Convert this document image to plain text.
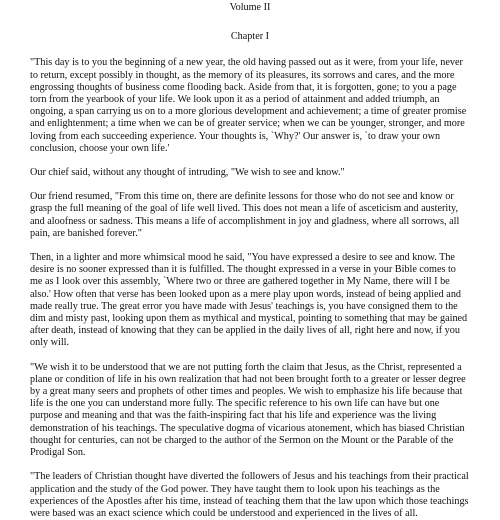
Volume II

Chapter I

"This day is to you the beginning of a new year, the old having passed out as it were, from your life, never to return, except possibly in thought, as the memory of its pleasures, its sorrows and cares, and the more engrossing thoughts of business come flooding back. Aside from that, it is forgotten, gone; to you a page torn from the yearbook of your life. We look upon it as a period of attainment and added triumph, an ongoing, a span carrying us on to a more glorious development and achievement; a time of greater promise and enlightenment; a time when we can be of greater service; when we can be younger, stronger, and more loving from each succeeding experience. Your thoughts is, `Why?' Our answer is, `to draw your own conclusion, choose your own life.'

Our chief said, without any thought of intruding, "We wish to see and know."

Our friend resumed, "From this time on, there are definite lessons for those who do not see and know or grasp the full meaning of the goal of life well lived. This does not mean a life of asceticism and austerity, and aloofness or sadness. This means a life of accomplishment in joy and gladness, where all sorrows, all pain, are banished forever."

Then, in a lighter and more whimsical mood he said, "You have expressed a desire to see and know. The desire is no sooner expressed than it is fulfilled. The thought expressed in a verse in your Bible comes to me as I look over this assembly, `Where two or three are gathered together in My Name, there will I be also.' How often that verse has been looked upon as a mere play upon words, instead of being applied and made really true. The great error you have made with Jesus' teachings is, you have consigned them to the dim and misty past, looking upon them as mythical and mystical, pointing to something that may be gained after death, instead of knowing that they can be applied in the daily lives of all, right here and now, if you only will.

"We wish it to be understood that we are not putting forth the claim that Jesus, as the Christ, represented a plane or condition of life in his own realization that had not been brought forth to a greater or lesser degree by a great many seers and prophets of other times and peoples. We wish to emphasize his life because that life is the one you can understand more fully. The specific reference to his own life can have but one purpose and meaning and that was the faith-inspiring fact that his life and experience was the living demonstration of his teachings. The speculative dogma of vicarious atonement, which has biased Christian thought for centuries, can not be charged to the author of the Sermon on the Mount or the Parable of the Prodigal Son.

"The leaders of Christian thought have diverted the followers of Jesus and his teachings from their practical application and the study of the God power. They have taught them to look upon his teachings as the experiences of the Apostles after his time, instead of teaching them that the law upon which those teachings were based was an exact science which could be understood and experienced in the lives of all.
